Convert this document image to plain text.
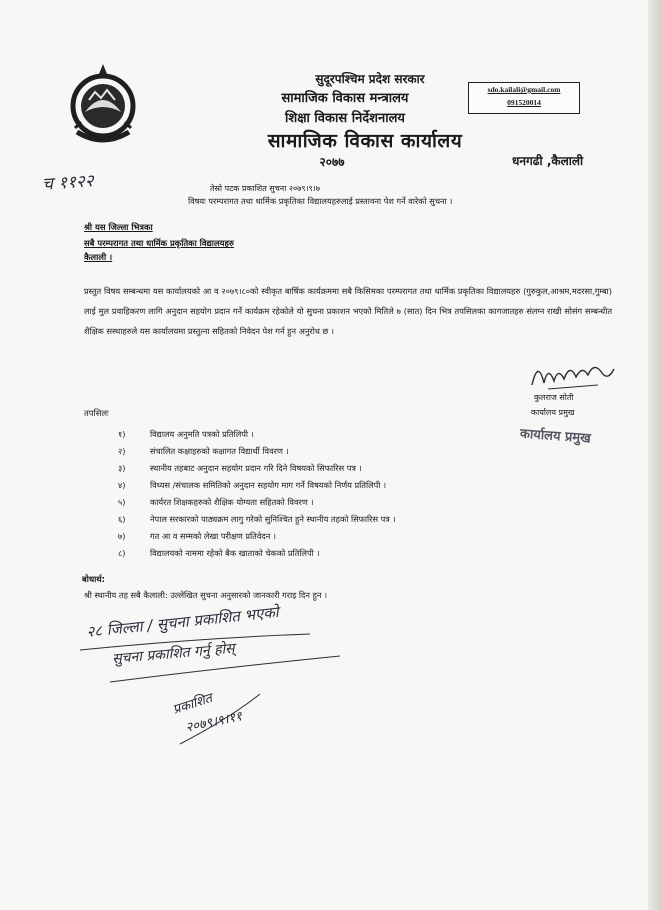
सुदूरपश्चिम प्रदेश सरकार
सामाजिक विकास मन्त्रालय
शिक्षा विकास निर्देशनालय
सामाजिक विकास कार्यालय
२०७७	धनगढी ,कैलाली
sdo.kailali@gmail.com
091520014
च ११२२	तेस्रो पटक प्रकाशित सुचना २०७९।९।७
विषयः परम्परागत तथा धार्मिक प्रकृतिका विद्यालयहरुलाई प्रस्तावना पेश गर्ने वारेको सुचना ।
श्री यस जिल्ला भित्रका
सबै परम्परागत तथा धार्मिक प्रकृतिका विद्यालयहरु
कैलाली ।
प्रस्तुत विषय सम्बन्धमा यस कार्यालयको आ व २०७९।८०को स्वीकृत बार्षिक कार्यक्रममा सबै किसिमका परम्परागत तथा धार्मिक प्रकृतिका विद्यालयहरु (गुरुकुल,आश्रम,मदरसा,गुम्बा) लाई मुल प्रवाहिकरण लागि अनुदान सहयोग प्रदान गर्ने कार्यक्रम रहेकोले यो सुचना प्रकाशन भएको मितिले ७ (सात) दिन भित्र तपसिलका कागजातहरु संलग्न राखी सोसंग सम्बन्धीत शैक्षिक सस्थाहरुले यस कार्यालयमा प्रस्तुत्ना सहितको निवेदन पेश गर्न हुन अनुरोध छ ।
कुलराज सोती
कार्यालय प्रमुख
कार्यालय प्रमुख
तपसिलः
१)	विद्यालय अनुमति पत्रको प्रतिलिपी ।
२)	संचालित कक्षाहरुको कक्षागत विद्यार्थी विवरण ।
३)	स्थानीय तहबाट अनुदान सहयोग प्रदान गरि दिने विषयको सिफारिस पत्र ।
४)	विध्यस /संचालक समितिको अनुदान सहयोग माग गर्ने विषयको निर्णय प्रतिलिपी ।
५)	कार्यरत शिक्षकहरुको शैक्षिक योग्यता सहितको विवरण ।
६)	नेपाल सरकारको पाठ्यक्रम लागु गरेको सुनिश्चित हुने स्थानीय तहको सिफारिस पत्र ।
७)	गत आ व सम्मको लेखा परीक्षण प्रतिवेदन ।
८)	विद्यालयको नाममा रहेको बैक खाताको चेकको प्रतिलिपी ।
बोधार्थ:
श्री स्थानीय तह सबै कैलाली: उल्लेखित सुचना अनुसारको जानकारी गराइ दिन हुन ।
२८ जिल्ला / सुचना प्रकाशित भएको
सुचना प्रकाशित गर्नु होस्
प्रकाशित
२०७९।९।११
